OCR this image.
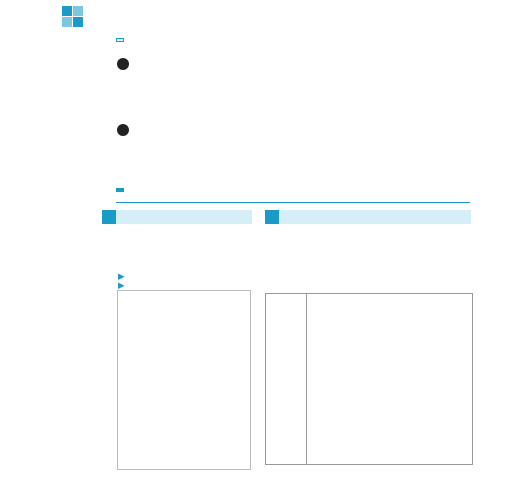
▶
▶
